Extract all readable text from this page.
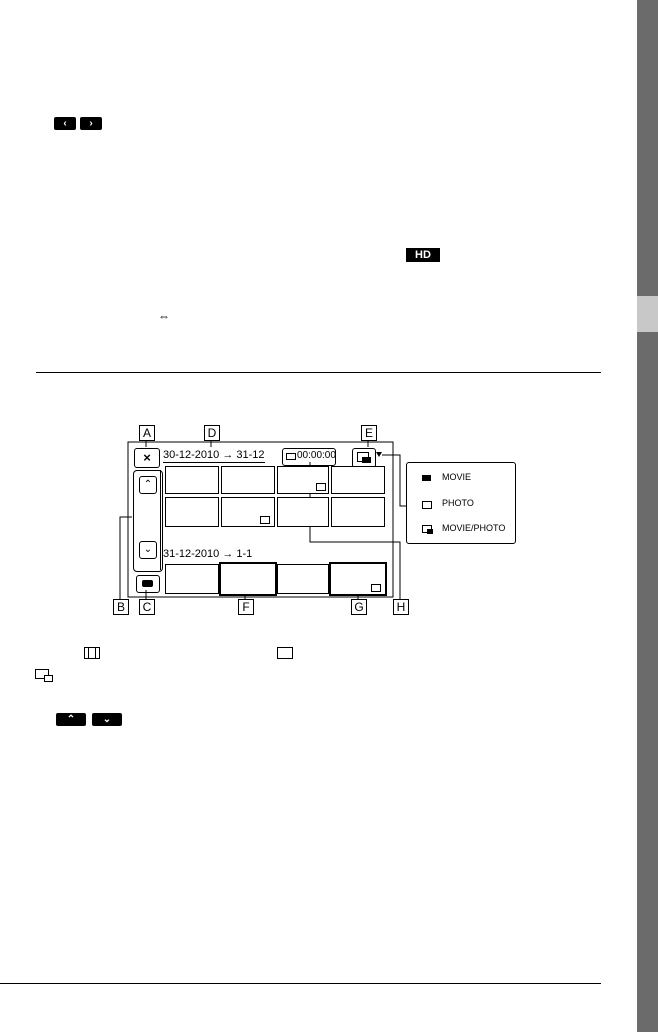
‹	›
HD
⇔
A	D	E
B	C	F	G	H
×	30-12-2010 → 31-12
31-12-2010 → 1-1
00:00:00
⌃
⌄
MOVIE
PHOTO
MOVIE/PHOTO
⌃	⌄
